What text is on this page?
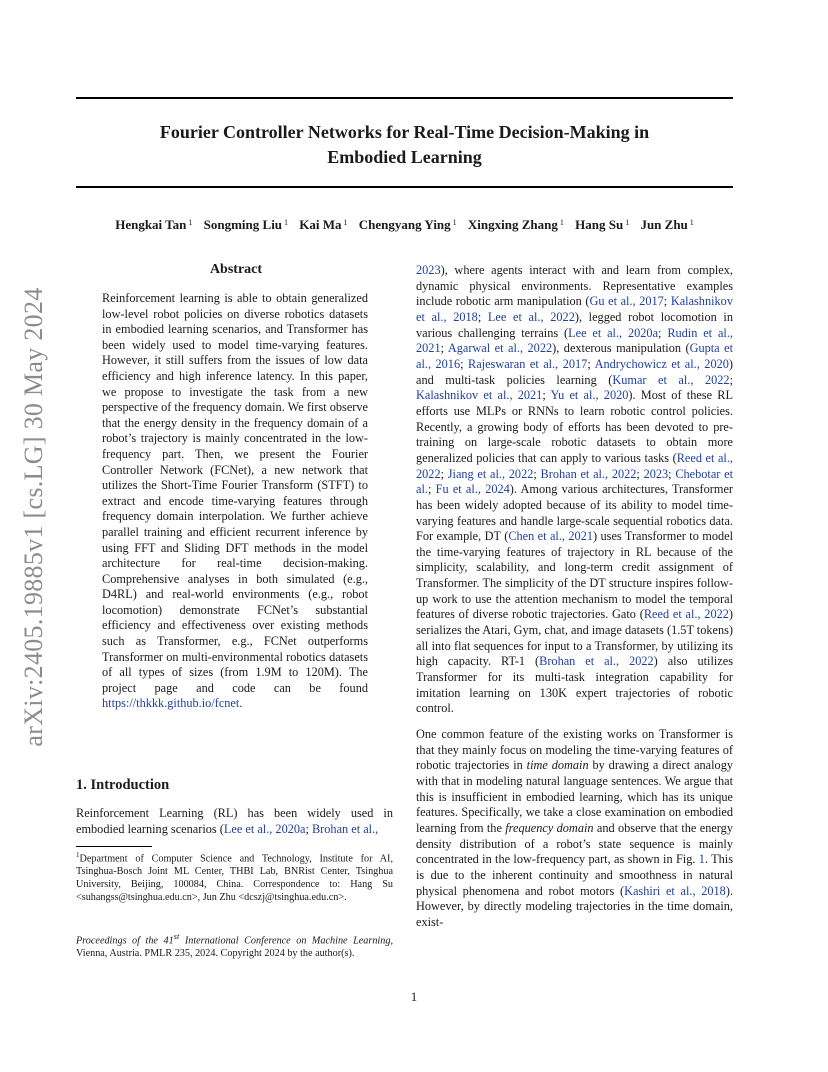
Fourier Controller Networks for Real-Time Decision-Making in
Embodied Learning
Hengkai Tan $^1$ Songming Liu $^1$ Kai Ma $^1$ Chengyang Ying $^1$ Xingxing Zhang $^1$ Hang Su $^1$ Jun Zhu $^1$
arXiv:2405.19885v1 [cs.LG] 30 May 2024
Abstract
Reinforcement learning is able to obtain generalized low-level robot policies on diverse robotics datasets in embodied learning scenarios, and Transformer has been widely used to model time-varying features. However, it still suffers from the issues of low data efficiency and high inference latency. In this paper, we propose to investigate the task from a new perspective of the frequency domain. We first observe that the energy density in the frequency domain of a robot’s trajectory is mainly concentrated in the low-frequency part. Then, we present the Fourier Controller Network (FCNet), a new network that utilizes the Short-Time Fourier Transform (STFT) to extract and encode time-varying features through frequency domain interpolation. We further achieve parallel training and efficient recurrent inference by using FFT and Sliding DFT methods in the model architecture for real-time decision-making. Comprehensive analyses in both simulated (e.g., D4RL) and real-world environments (e.g., robot locomotion) demonstrate FCNet’s substantial efficiency and effectiveness over existing methods such as Transformer, e.g., FCNet outperforms Transformer on multi-environmental robotics datasets of all types of sizes (from 1.9M to 120M). The project page and code can be found https://thkkk.github.io/fcnet.
1. Introduction
Reinforcement Learning (RL) has been widely used in embodied learning scenarios (Lee et al., 2020a; Brohan et al.,
$^1$Department of Computer Science and Technology, Institute for AI, Tsinghua-Bosch Joint ML Center, THBI Lab, BNRist Center, Tsinghua University, Beijing, 100084, China. Correspondence to: Hang Su <suhangss@tsinghua.edu.cn>, Jun Zhu <dcszj@tsinghua.edu.cn>.
Proceedings of the 41st International Conference on Machine Learning, Vienna, Austria. PMLR 235, 2024. Copyright 2024 by the author(s).

2023), where agents interact with and learn from complex, dynamic physical environments. Representative examples include robotic arm manipulation (Gu et al., 2017; Kalashnikov et al., 2018; Lee et al., 2022), legged robot locomotion in various challenging terrains (Lee et al., 2020a; Rudin et al., 2021; Agarwal et al., 2022), dexterous manipulation (Gupta et al., 2016; Rajeswaran et al., 2017; Andrychowicz et al., 2020) and multi-task policies learning (Kumar et al., 2022; Kalashnikov et al., 2021; Yu et al., 2020). Most of these RL efforts use MLPs or RNNs to learn robotic control policies. Recently, a growing body of efforts has been devoted to pre-training on large-scale robotic datasets to obtain more generalized policies that can apply to various tasks (Reed et al., 2022; Jiang et al., 2022; Brohan et al., 2022; 2023; Chebotar et al.; Fu et al., 2024). Among various architectures, Transformer has been widely adopted because of its ability to model time-varying features and handle large-scale sequential robotics data. For example, DT (Chen et al., 2021) uses Transformer to model the time-varying features of trajectory in RL because of the simplicity, scalability, and long-term credit assignment of Transformer. The simplicity of the DT structure inspires follow-up work to use the attention mechanism to model the temporal features of diverse robotic trajectories. Gato (Reed et al., 2022) serializes the Atari, Gym, chat, and image datasets (1.5T tokens) all into flat sequences for input to a Transformer, by utilizing its high capacity. RT-1 (Brohan et al., 2022) also utilizes Transformer for its multi-task integration capability for imitation learning on 130K expert trajectories of robotic control.

One common feature of the existing works on Transformer is that they mainly focus on modeling the time-varying features of robotic trajectories in time domain by drawing a direct analogy with that in modeling natural language sentences. We argue that this is insufficient in embodied learning, which has its unique features. Specifically, we take a close examination on embodied learning from the frequency domain and observe that the energy density distribution of a robot’s state sequence is mainly concentrated in the low-frequency part, as shown in Fig. 1. This is due to the inherent continuity and smoothness in natural physical phenomena and robot motors (Kashiri et al., 2018). However, by directly modeling trajectories in the time domain, exist-

1
